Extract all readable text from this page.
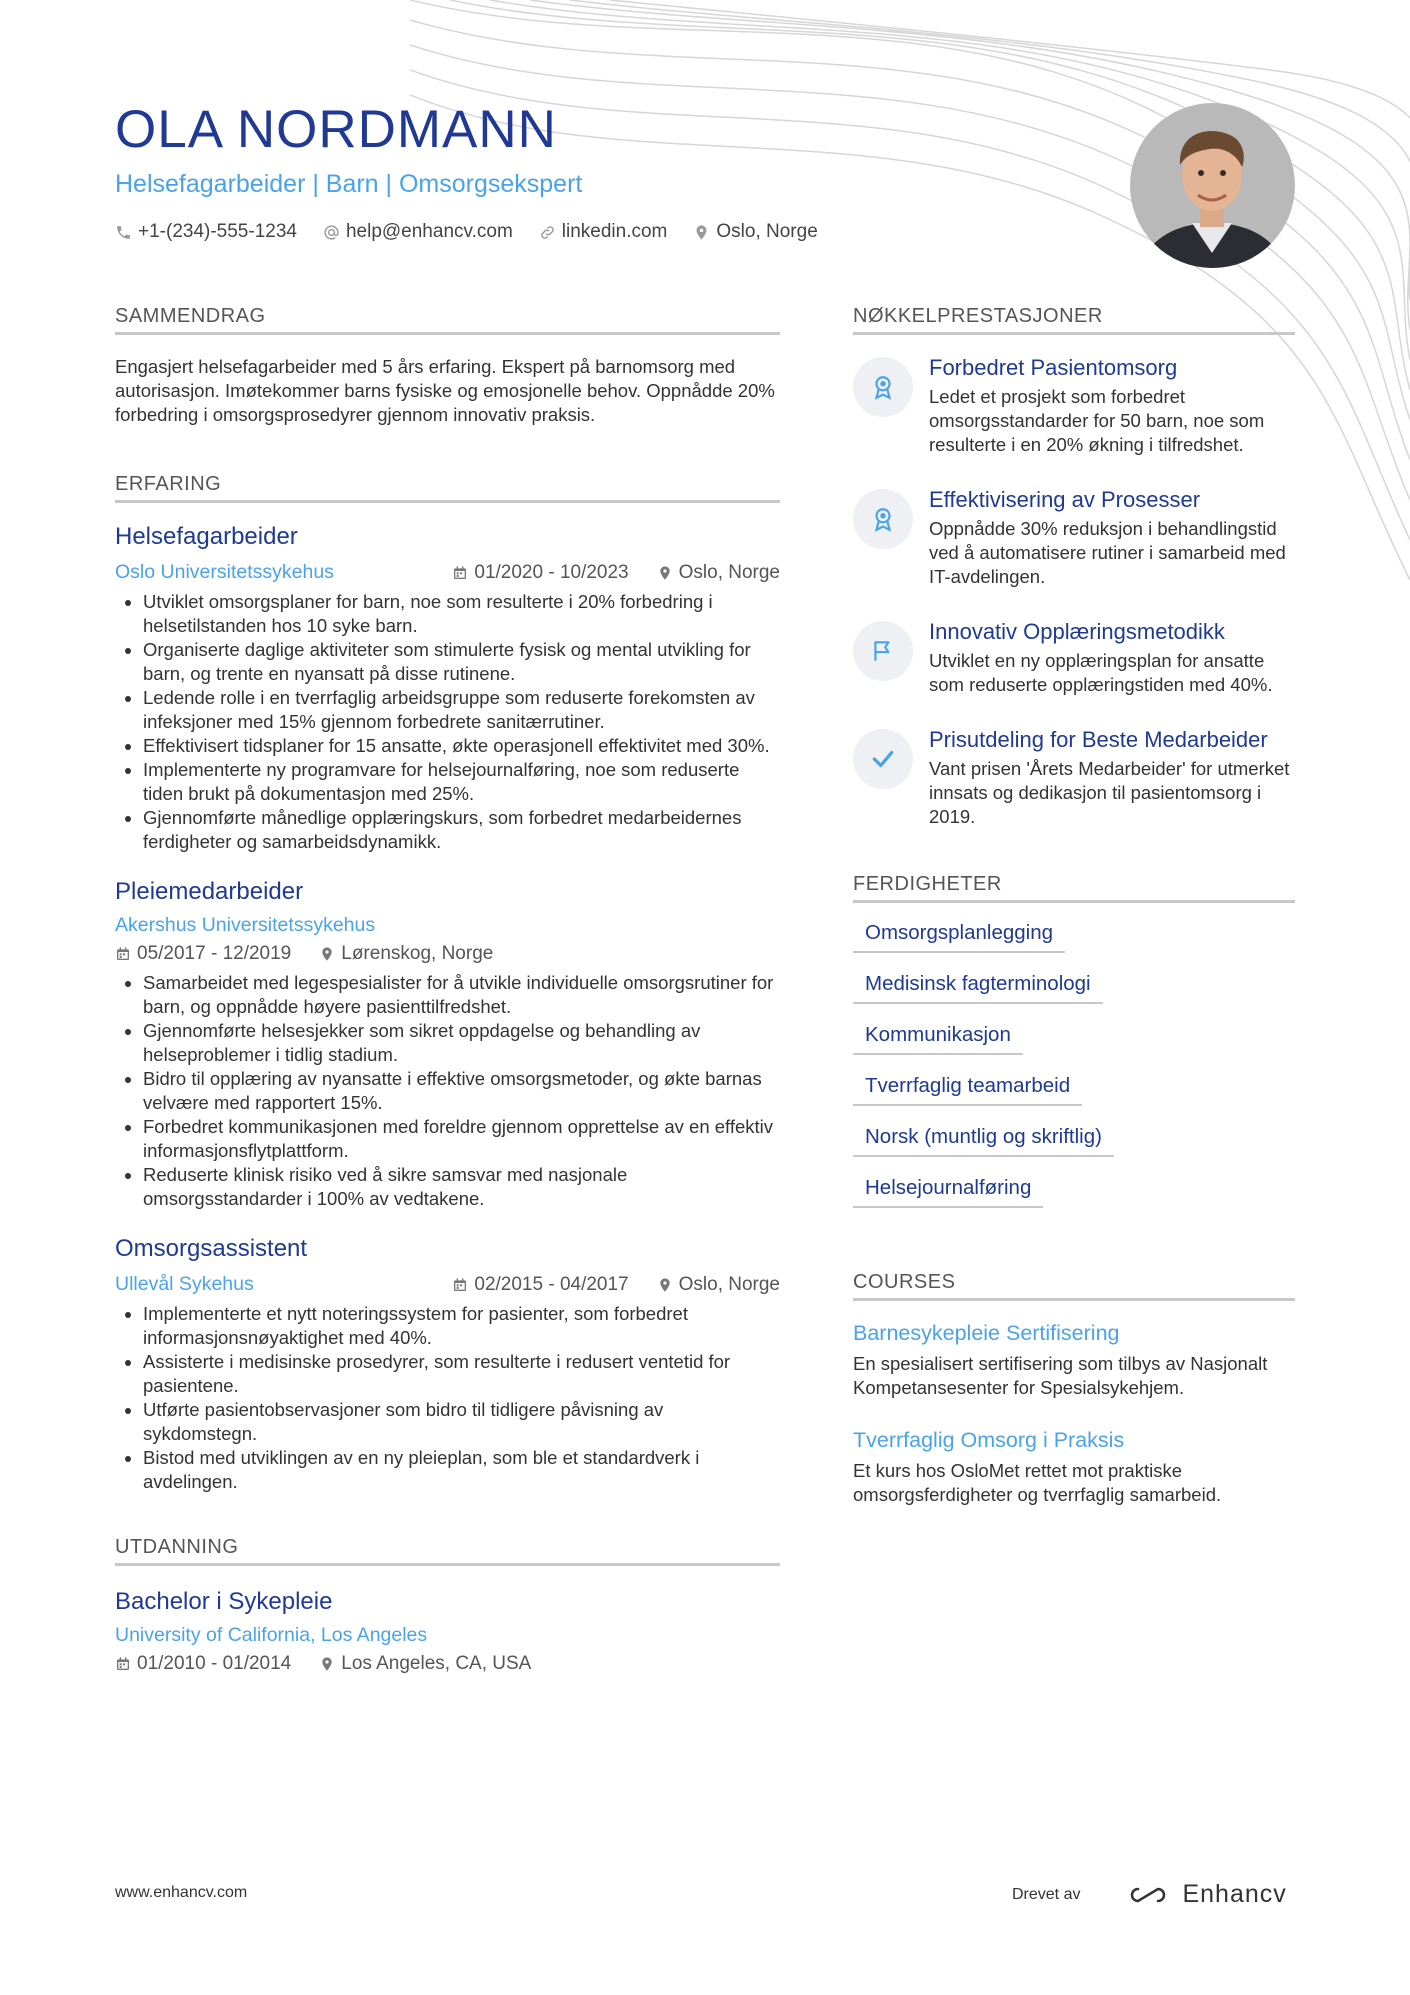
OLA NORDMANN
Helsefagarbeider | Barn | Omsorgsekspert
+1-(234)-555-1234	help@enhancv.com	linkedin.com	Oslo, Norge
SAMMENDRAG
Engasjert helsefagarbeider med 5 års erfaring. Ekspert på barnomsorg med autorisasjon. Imøtekommer barns fysiske og emosjonelle behov. Oppnådde 20% forbedring i omsorgsprosedyrer gjennom innovativ praksis.
ERFARING
Helsefagarbeider
Oslo Universitetssykehus	01/2020 - 10/2023	Oslo, Norge
• Utviklet omsorgsplaner for barn, noe som resulterte i 20% forbedring i helsetilstanden hos 10 syke barn.
• Organiserte daglige aktiviteter som stimulerte fysisk og mental utvikling for barn, og trente en nyansatt på disse rutinene.
• Ledende rolle i en tverrfaglig arbeidsgruppe som reduserte forekomsten av infeksjoner med 15% gjennom forbedrete sanitærrutiner.
• Effektivisert tidsplaner for 15 ansatte, økte operasjonell effektivitet med 30%.
• Implementerte ny programvare for helsejournalføring, noe som reduserte tiden brukt på dokumentasjon med 25%.
• Gjennomførte månedlige opplæringskurs, som forbedret medarbeidernes ferdigheter og samarbeidsdynamikk.
Pleiemedarbeider
Akershus Universitetssykehus
05/2017 - 12/2019	Lørenskog, Norge
• Samarbeidet med legespesialister for å utvikle individuelle omsorgsrutiner for barn, og oppnådde høyere pasienttilfredshet.
• Gjennomførte helsesjekker som sikret oppdagelse og behandling av helseproblemer i tidlig stadium.
• Bidro til opplæring av nyansatte i effektive omsorgsmetoder, og økte barnas velvære med rapportert 15%.
• Forbedret kommunikasjonen med foreldre gjennom opprettelse av en effektiv informasjonsflytplattform.
• Reduserte klinisk risiko ved å sikre samsvar med nasjonale omsorgsstandarder i 100% av vedtakene.
Omsorgsassistent
Ullevål Sykehus	02/2015 - 04/2017	Oslo, Norge
• Implementerte et nytt noteringssystem for pasienter, som forbedret informasjonsnøyaktighet med 40%.
• Assisterte i medisinske prosedyrer, som resulterte i redusert ventetid for pasientene.
• Utførte pasientobservasjoner som bidro til tidligere påvisning av sykdomstegn.
• Bistod med utviklingen av en ny pleieplan, som ble et standardverk i avdelingen.
UTDANNING
Bachelor i Sykepleie
University of California, Los Angeles
01/2010 - 01/2014	Los Angeles, CA, USA
NØKKELPRESTASJONER
Forbedret Pasientomsorg
Ledet et prosjekt som forbedret omsorgsstandarder for 50 barn, noe som resulterte i en 20% økning i tilfredshet.
Effektivisering av Prosesser
Oppnådde 30% reduksjon i behandlingstid ved å automatisere rutiner i samarbeid med IT-avdelingen.
Innovativ Opplæringsmetodikk
Utviklet en ny opplæringsplan for ansatte som reduserte opplæringstiden med 40%.
Prisutdeling for Beste Medarbeider
Vant prisen 'Årets Medarbeider' for utmerket innsats og dedikasjon til pasientomsorg i 2019.
FERDIGHETER
Omsorgsplanlegging
Medisinsk fagterminologi
Kommunikasjon
Tverrfaglig teamarbeid
Norsk (muntlig og skriftlig)
Helsejournalføring
COURSES
Barnesykepleie Sertifisering
En spesialisert sertifisering som tilbys av Nasjonalt Kompetansesenter for Spesialsykehjem.
Tverrfaglig Omsorg i Praksis
Et kurs hos OsloMet rettet mot praktiske omsorgsferdigheter og tverrfaglig samarbeid.
www.enhancv.com	Drevet av	Enhancv
